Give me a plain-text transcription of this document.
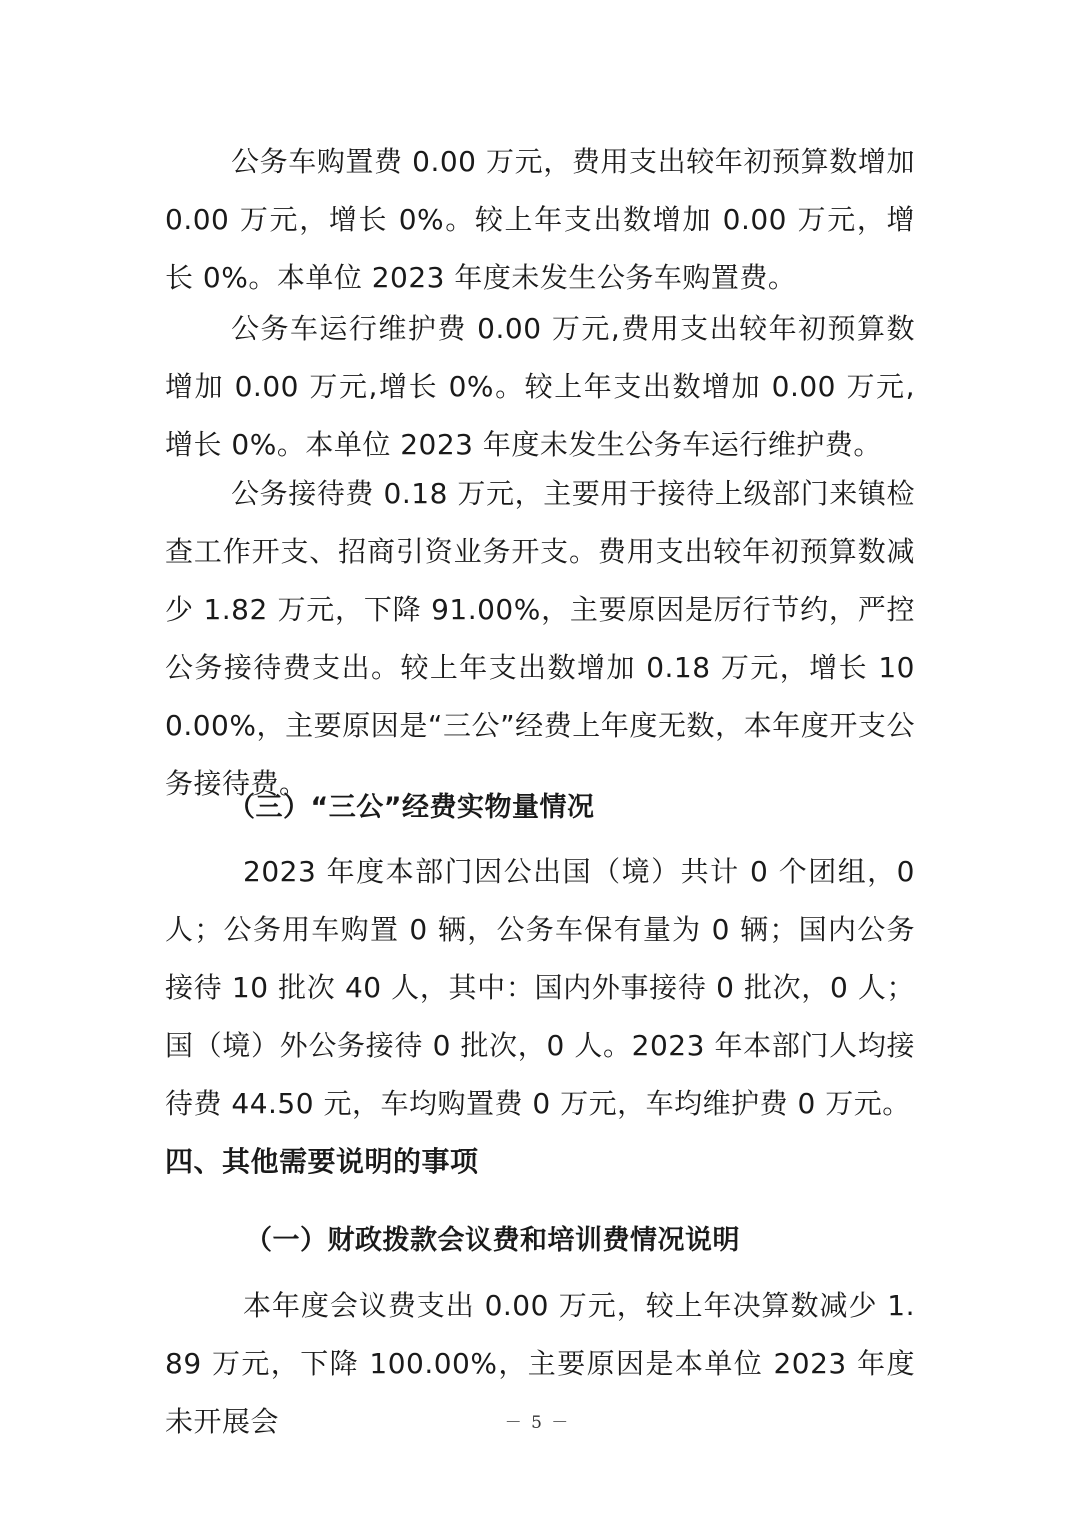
公务车购置费 0.00 万元，费用支出较年初预算数增加 0.00 万元，增长 0%。较上年支出数增加 0.00 万元，增长 0%。本单位 2023 年度未发生公务车购置费。

公务车运行维护费 0.00 万元,费用支出较年初预算数增加 0.00 万元,增长 0%。较上年支出数增加 0.00 万元,增长 0%。本单位 2023 年度未发生公务车运行维护费。

公务接待费 0.18 万元，主要用于接待上级部门来镇检查工作开支、招商引资业务开支。费用支出较年初预算数减少 1.82 万元，下降 91.00%，主要原因是厉行节约，严控公务接待费支出。较上年支出数增加 0.18 万元，增长 100.00%，主要原因是“三公”经费上年度无数，本年度开支公务接待费。

（三）“三公”经费实物量情况

2023 年度本部门因公出国（境）共计 0 个团组，0 人；公务用车购置 0 辆，公务车保有量为 0 辆；国内公务接待 10 批次 40 人，其中：国内外事接待 0 批次，0 人；国（境）外公务接待 0 批次，0 人。2023 年本部门人均接待费 44.50 元，车均购置费 0 万元，车均维护费 0 万元。

四、其他需要说明的事项
（一）财政拨款会议费和培训费情况说明

本年度会议费支出 0.00 万元，较上年决算数减少 1.89 万元，下降 100.00%，主要原因是本单位 2023 年度未开展会	－ 5 －
